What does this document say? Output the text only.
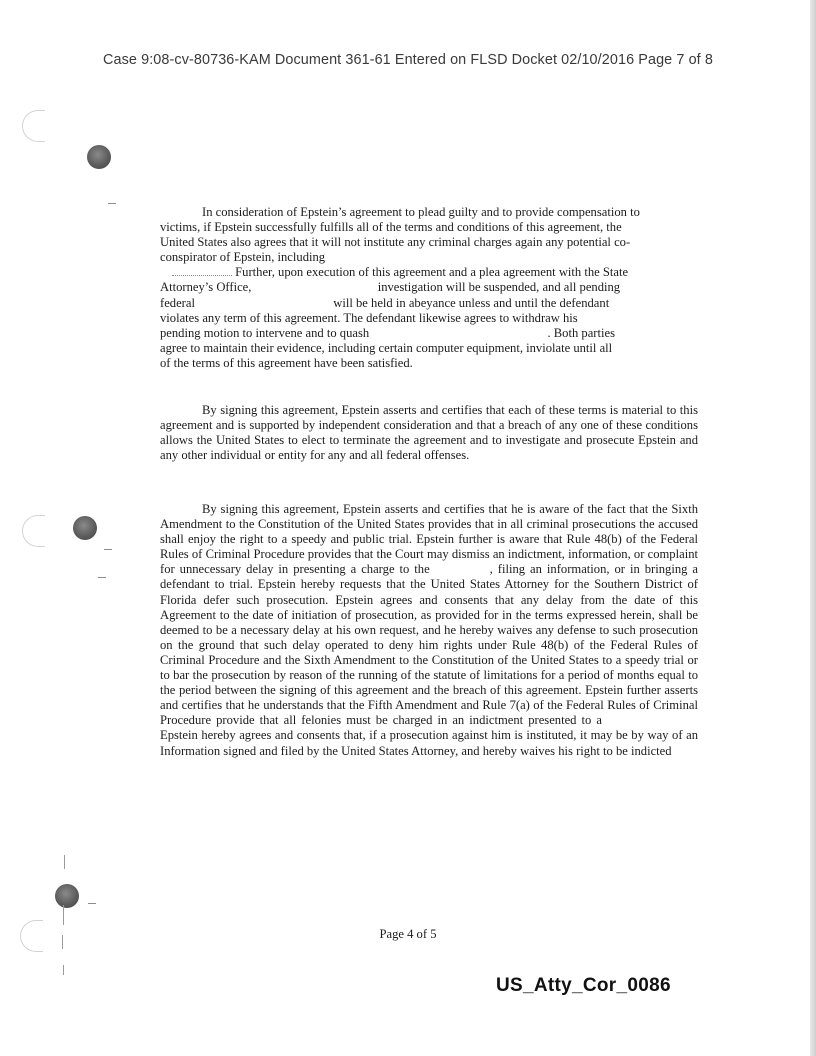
Case 9:08-cv-80736-KAM Document 361-61 Entered on FLSD Docket 02/10/2016 Page 7 of 8
In consideration of Epstein’s agreement to plead guilty and to provide compensation to
victims, if Epstein successfully fulfills all of the terms and conditions of this agreement, the
United States also agrees that it will not institute any criminal charges again any potential co-
conspirator of Epstein, including
Further, upon execution of this agreement and a plea agreement with the State
Attorney’s Office,	investigation will be suspended, and all pending
federal	will be held in abeyance unless and until the defendant
violates any term of this agreement. The defendant likewise agrees to withdraw his
pending motion to intervene and to quash	. Both parties
agree to maintain their evidence, including certain computer equipment, inviolate until all
of the terms of this agreement have been satisfied.

By signing this agreement, Epstein asserts and certifies that each of these terms is material to this agreement and is supported by independent consideration and that a breach of any one of these conditions allows the United States to elect to terminate the agreement and to investigate and prosecute Epstein and any other individual or entity for any and all federal offenses.

By signing this agreement, Epstein asserts and certifies that he is aware of the fact that the Sixth Amendment to the Constitution of the United States provides that in all criminal prosecutions the accused shall enjoy the right to a speedy and public trial. Epstein further is aware that Rule 48(b) of the Federal Rules of Criminal Procedure provides that the Court may dismiss an indictment, information, or complaint for unnecessary delay in presenting a charge to the	, filing an information, or in bringing a defendant to trial. Epstein hereby requests that the United States Attorney for the Southern District of Florida defer such prosecution. Epstein agrees and consents that any delay from the date of this Agreement to the date of initiation of prosecution, as provided for in the terms expressed herein, shall be deemed to be a necessary delay at his own request, and he hereby waives any defense to such prosecution on the ground that such delay operated to deny him rights under Rule 48(b) of the Federal Rules of Criminal Procedure and the Sixth Amendment to the Constitution of the United States to a speedy trial or to bar the prosecution by reason of the running of the statute of limitations for a period of months equal to the period between the signing of this agreement and the breach of this agreement. Epstein further asserts and certifies that he understands that the Fifth Amendment and Rule 7(a) of the Federal Rules of Criminal Procedure provide that all felonies must be charged in an indictment presented to aEpstein hereby agrees and consents that, if a prosecution against him is instituted, it may be by way of an Information signed and filed by the United States Attorney, and hereby waives his right to be indicted

Page 4 of 5
US_Atty_Cor_0086
